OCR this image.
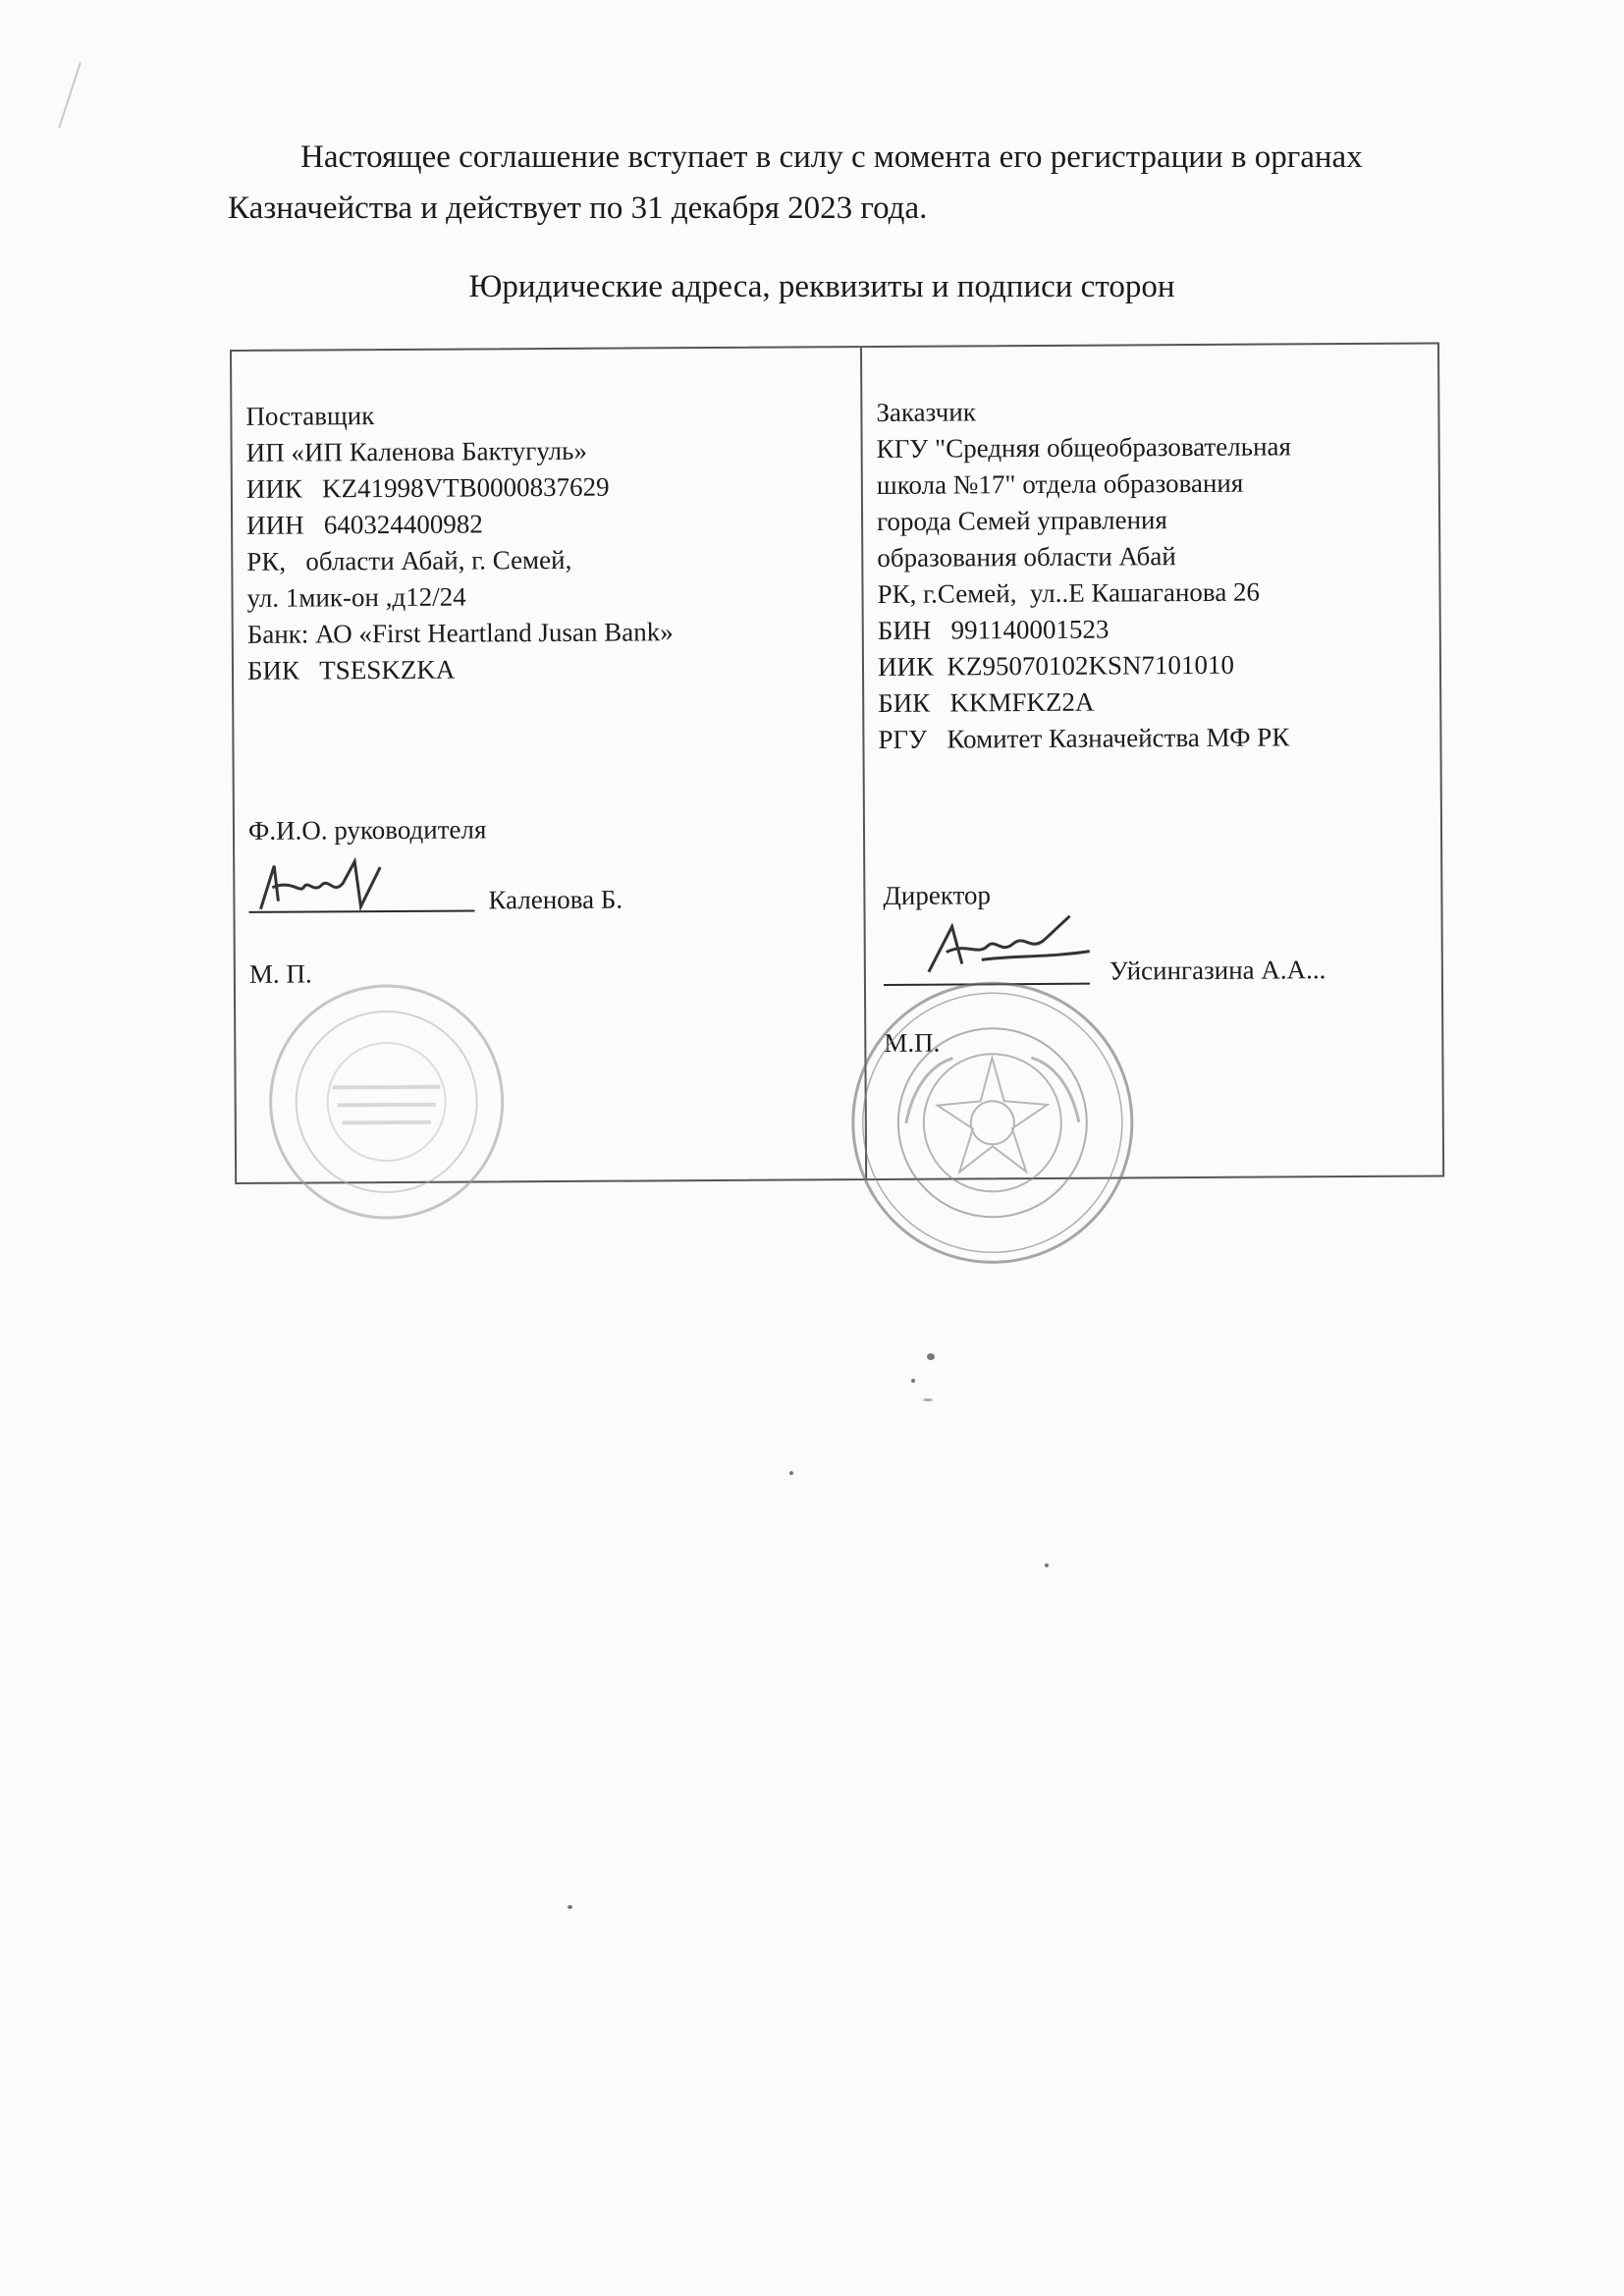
Настоящее соглашение вступает в силу с момента его регистрации в органах Казначейства и действует по 31 декабря 2023 года.

Юридические адреса, реквизиты и подписи сторон

Поставщик
ИП «ИП Каленова Бактугуль»
ИИК   KZ41998VTB0000837629
ИИН   640324400982
РК,   области Абай, г. Семей,
ул. 1мик-он ,д12/24
Банк: АО «First Heartland Jusan Bank»
БИК   TSESKZKA
Ф.И.О. руководителя
Каленова Б.
М. П.
Заказчик
КГУ "Средняя общеобразовательная
школа №17" отдела образования
города Семей управления
образования области Абай
РК, г.Семей,  ул..Е Кашаганова 26
БИН   991140001523
ИИК  KZ95070102KSN7101010
БИК   KKMFKZ2A
РГУ   Комитет Казначейства МФ РК
Директор
Уйсингазина А.А...
М.П.
